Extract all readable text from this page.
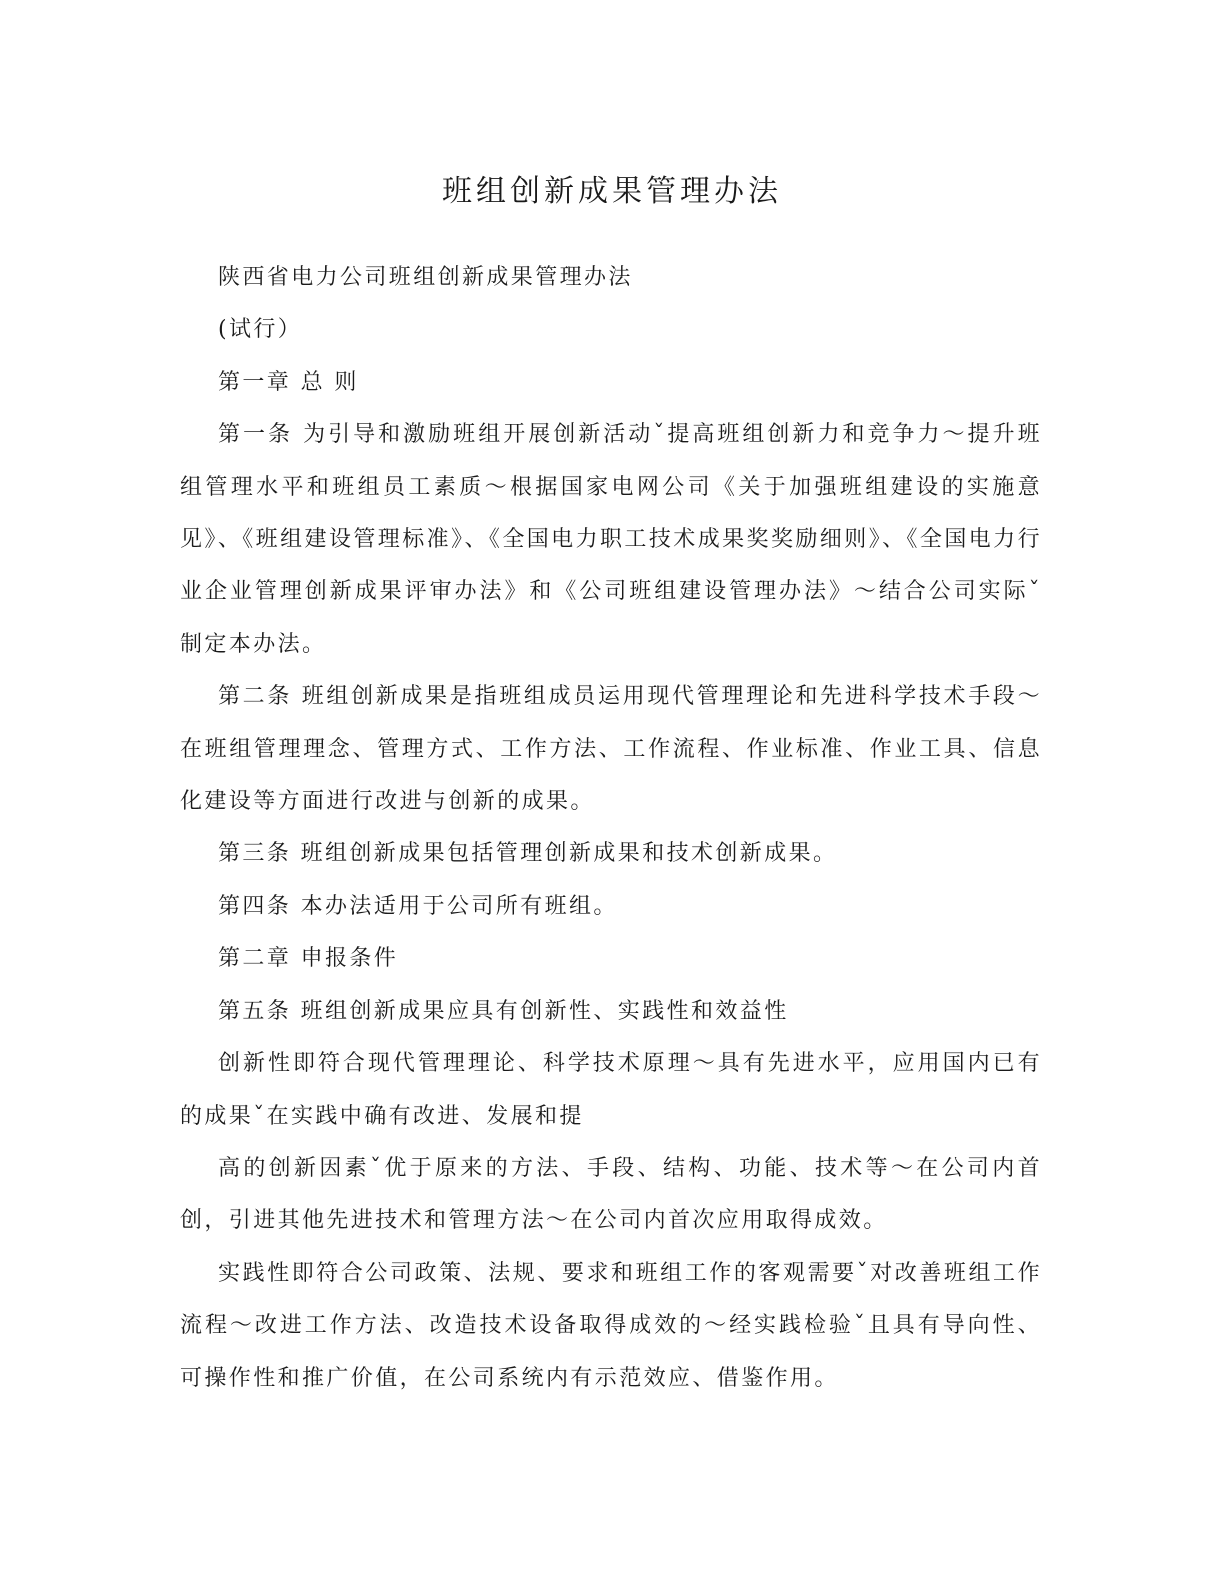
班组创新成果管理办法

陕西省电力公司班组创新成果管理办法

(试行）

第一章 总 则

第一条 为引导和激励班组开展创新活动ˇ提高班组创新力和竞争力～提升班组管理水平和班组员工素质～根据国家电网公司《关于加强班组建设的实施意见》、《班组建设管理标准》、《全国电力职工技术成果奖奖励细则》、《全国电力行业企业管理创新成果评审办法》和《公司班组建设管理办法》～结合公司实际ˇ制定本办法。

第二条 班组创新成果是指班组成员运用现代管理理论和先进科学技术手段～在班组管理理念、管理方式、工作方法、工作流程、作业标准、作业工具、信息化建设等方面进行改进与创新的成果。

第三条 班组创新成果包括管理创新成果和技术创新成果。

第四条 本办法适用于公司所有班组。

第二章 申报条件

第五条 班组创新成果应具有创新性、实践性和效益性

创新性即符合现代管理理论、科学技术原理～具有先进水平，应用国内已有的成果ˇ在实践中确有改进、发展和提

高的创新因素ˇ优于原来的方法、手段、结构、功能、技术等～在公司内首创，引进其他先进技术和管理方法～在公司内首次应用取得成效。

实践性即符合公司政策、法规、要求和班组工作的客观需要ˇ对改善班组工作流程～改进工作方法、改造技术设备取得成效的～经实践检验ˇ且具有导向性、可操作性和推广价值，在公司系统内有示范效应、借鉴作用。
